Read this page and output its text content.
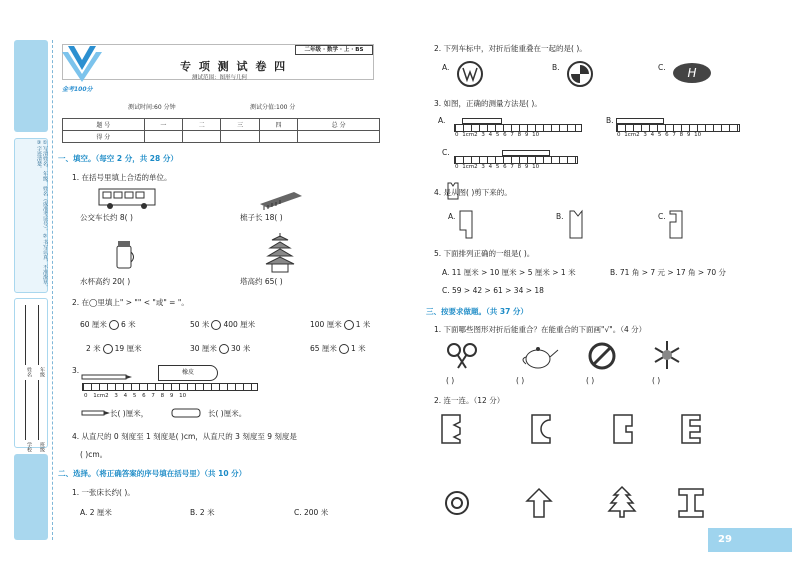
①写清姓名、年级、姓名（或准考证号）。②书写认真，不准潦草。③字迹清楚。
姓名 年级
学校 班级
金考100分
二年级 · 数学 · 上 · BS
专 项 测 试 卷 四
测试范围：图形与几何
测试时间:60 分钟	测试分值:100 分
题 号	一	二	三	四	总 分
得 分					
一、填空。（每空 2 分，共 28 分）
1. 在括号里填上合适的单位。
公交车长约 8( )	梳子长 18( )
水杯高约 20( )	塔高约 65( )
2. 在◯里填上" > "" < "或" = "。
60 厘米 6 米	50 米 400 厘米	100 厘米 1 米
2 米 19 厘米	30 厘米 30 米	65 厘米 1 米
3.	橡皮
0 1cm2 3 4 5 6 7 8 9 10
长( )厘米，	长( )厘米。
4. 从直尺的 0 刻度至 1 刻度是( )cm，从直尺的 3 刻度至 9 刻度是
( )cm。
二、选择。（将正确答案的序号填在括号里）（共 10 分）
1. 一张床长约( )。
A. 2 厘米	B. 2 米	C. 200 米
2. 下列车标中，对折后能重叠在一起的是( )。
A.	B.	C. H
3. 如图，正确的测量方法是( )。
A.
0 1cm2 3 4 5 6 7 8 9 10
B.
0 1cm2 3 4 5 6 7 8 9 10
C.
0 1cm2 3 4 5 6 7 8 9 10
4. 是从图( )剪下来的。
A.	B.	C.
5. 下面排列正确的一组是( )。
A. 11 厘米 > 10 厘米 > 5 厘米 > 1 米	B. 71 角 > 7 元 > 17 角 > 70 分
C. 59 > 42 > 61 > 34 > 18
三、按要求做题。（共 37 分）
1. 下面哪些图形对折后能重合？在能重合的下面画"√"。（4 分）
( )	( )	( )	( )
2. 连一连。（12 分）
29
